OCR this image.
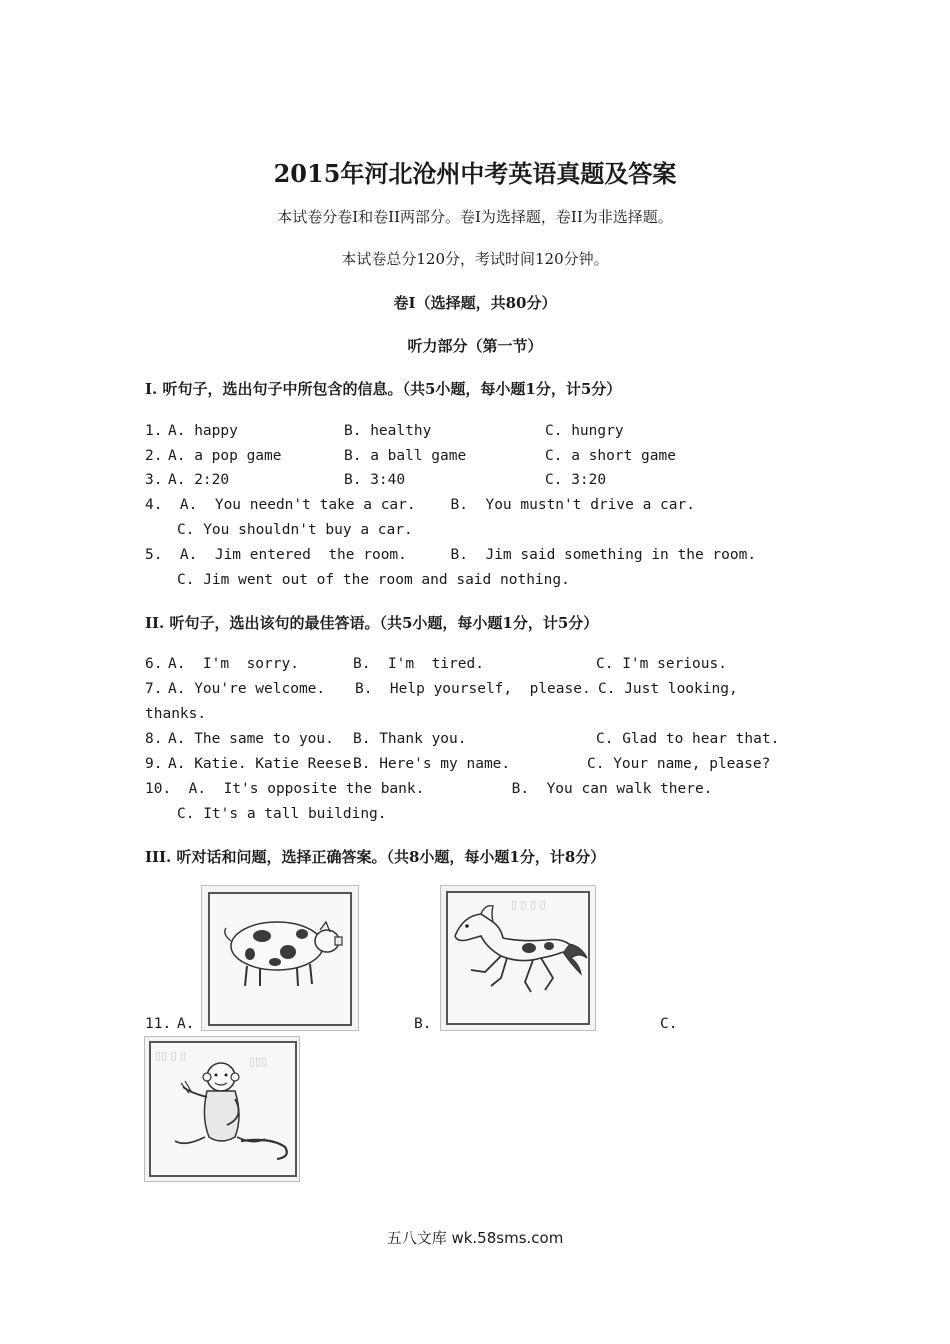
2015年河北沧州中考英语真题及答案
本试卷分卷I和卷II两部分。卷I为选择题，卷II为非选择题。
本试卷总分120分，考试时间120分钟。
卷I（选择题，共80分）
听力部分（第一节）
I. 听句子，选出句子中所包含的信息。（共5小题，每小题1分，计5分）
1. A. happy	B. healthy	C. hungry
2. A. a pop game	B. a ball game	C. a short game
3. A. 2:20	B. 3:40	C. 3:20
4.  A.  You needn't take a car.    B.  You mustn't drive a car.
C. You shouldn't buy a car.
5.  A.  Jim entered  the room.     B.  Jim said something in the room.
C. Jim went out of the room and said nothing.
II. 听句子，选出该句的最佳答语。（共5小题，每小题1分，计5分）
6. A.  I'm  sorry.	B.  I'm  tired.	C. I'm serious.
7. A. You're welcome. B.  Help yourself,  please. C. Just looking,
thanks.
8. A. The same to you. B. Thank you.	C. Glad to hear that.
9. A. Katie. Katie Reese.
B. Here's my name.	C. Your name, please?
10.  A.  It's opposite the bank.          B.  You can walk there.
C. It's a tall building.
III. 听对话和问题，选择正确答案。（共8小题，每小题1分，计8分）
▯ ▯ ▯ ▯
11. A.	B.	C.
▯▯ ▯ ▯	▯▯▯
五八文库 wk.58sms.com
